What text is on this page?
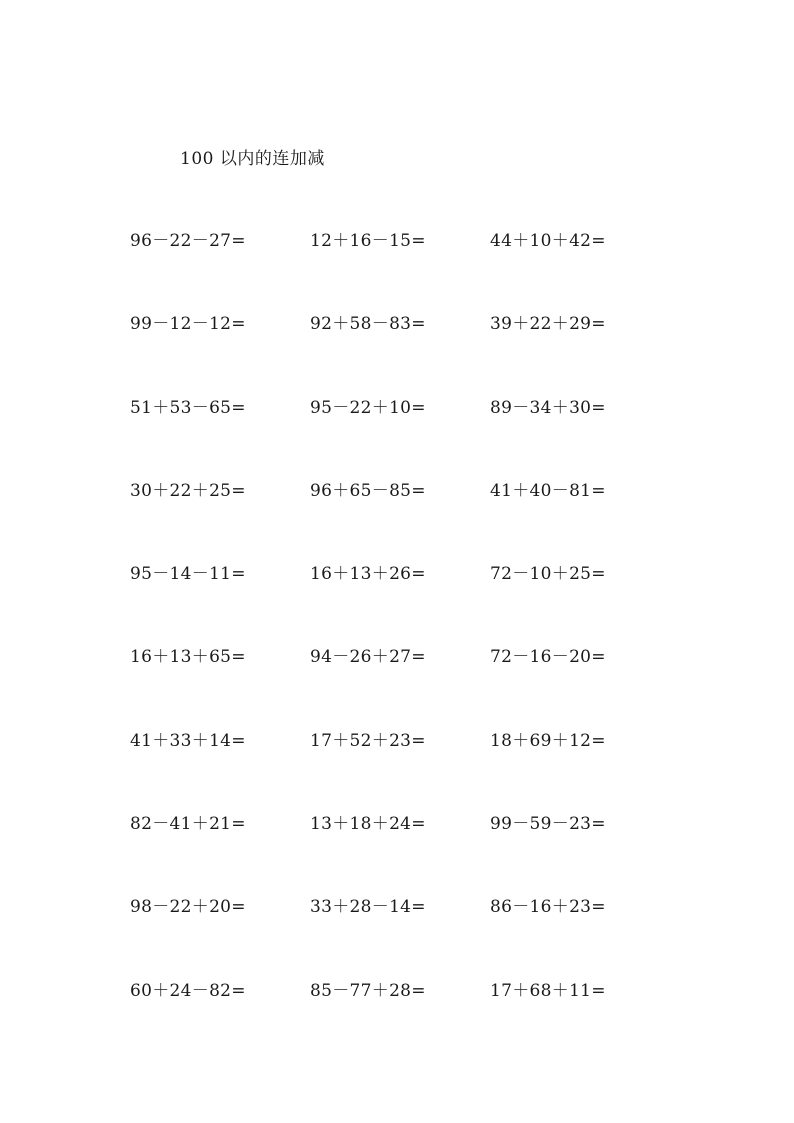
100 以内的连加减
96－22－27=	12＋16－15=	44＋10＋42=
99－12－12=	92＋58－83=	39＋22＋29=
51＋53－65=	95－22＋10=	89－34＋30=
30＋22＋25=	96＋65－85=	41＋40－81=
95－14－11=	16＋13＋26=	72－10＋25=
16＋13＋65=	94－26＋27=	72－16－20=
41＋33＋14=	17＋52＋23=	18＋69＋12=
82－41＋21=	13＋18＋24=	99－59－23=
98－22＋20=	33＋28－14=	86－16＋23=
60＋24－82=	85－77＋28=	17＋68＋11=
